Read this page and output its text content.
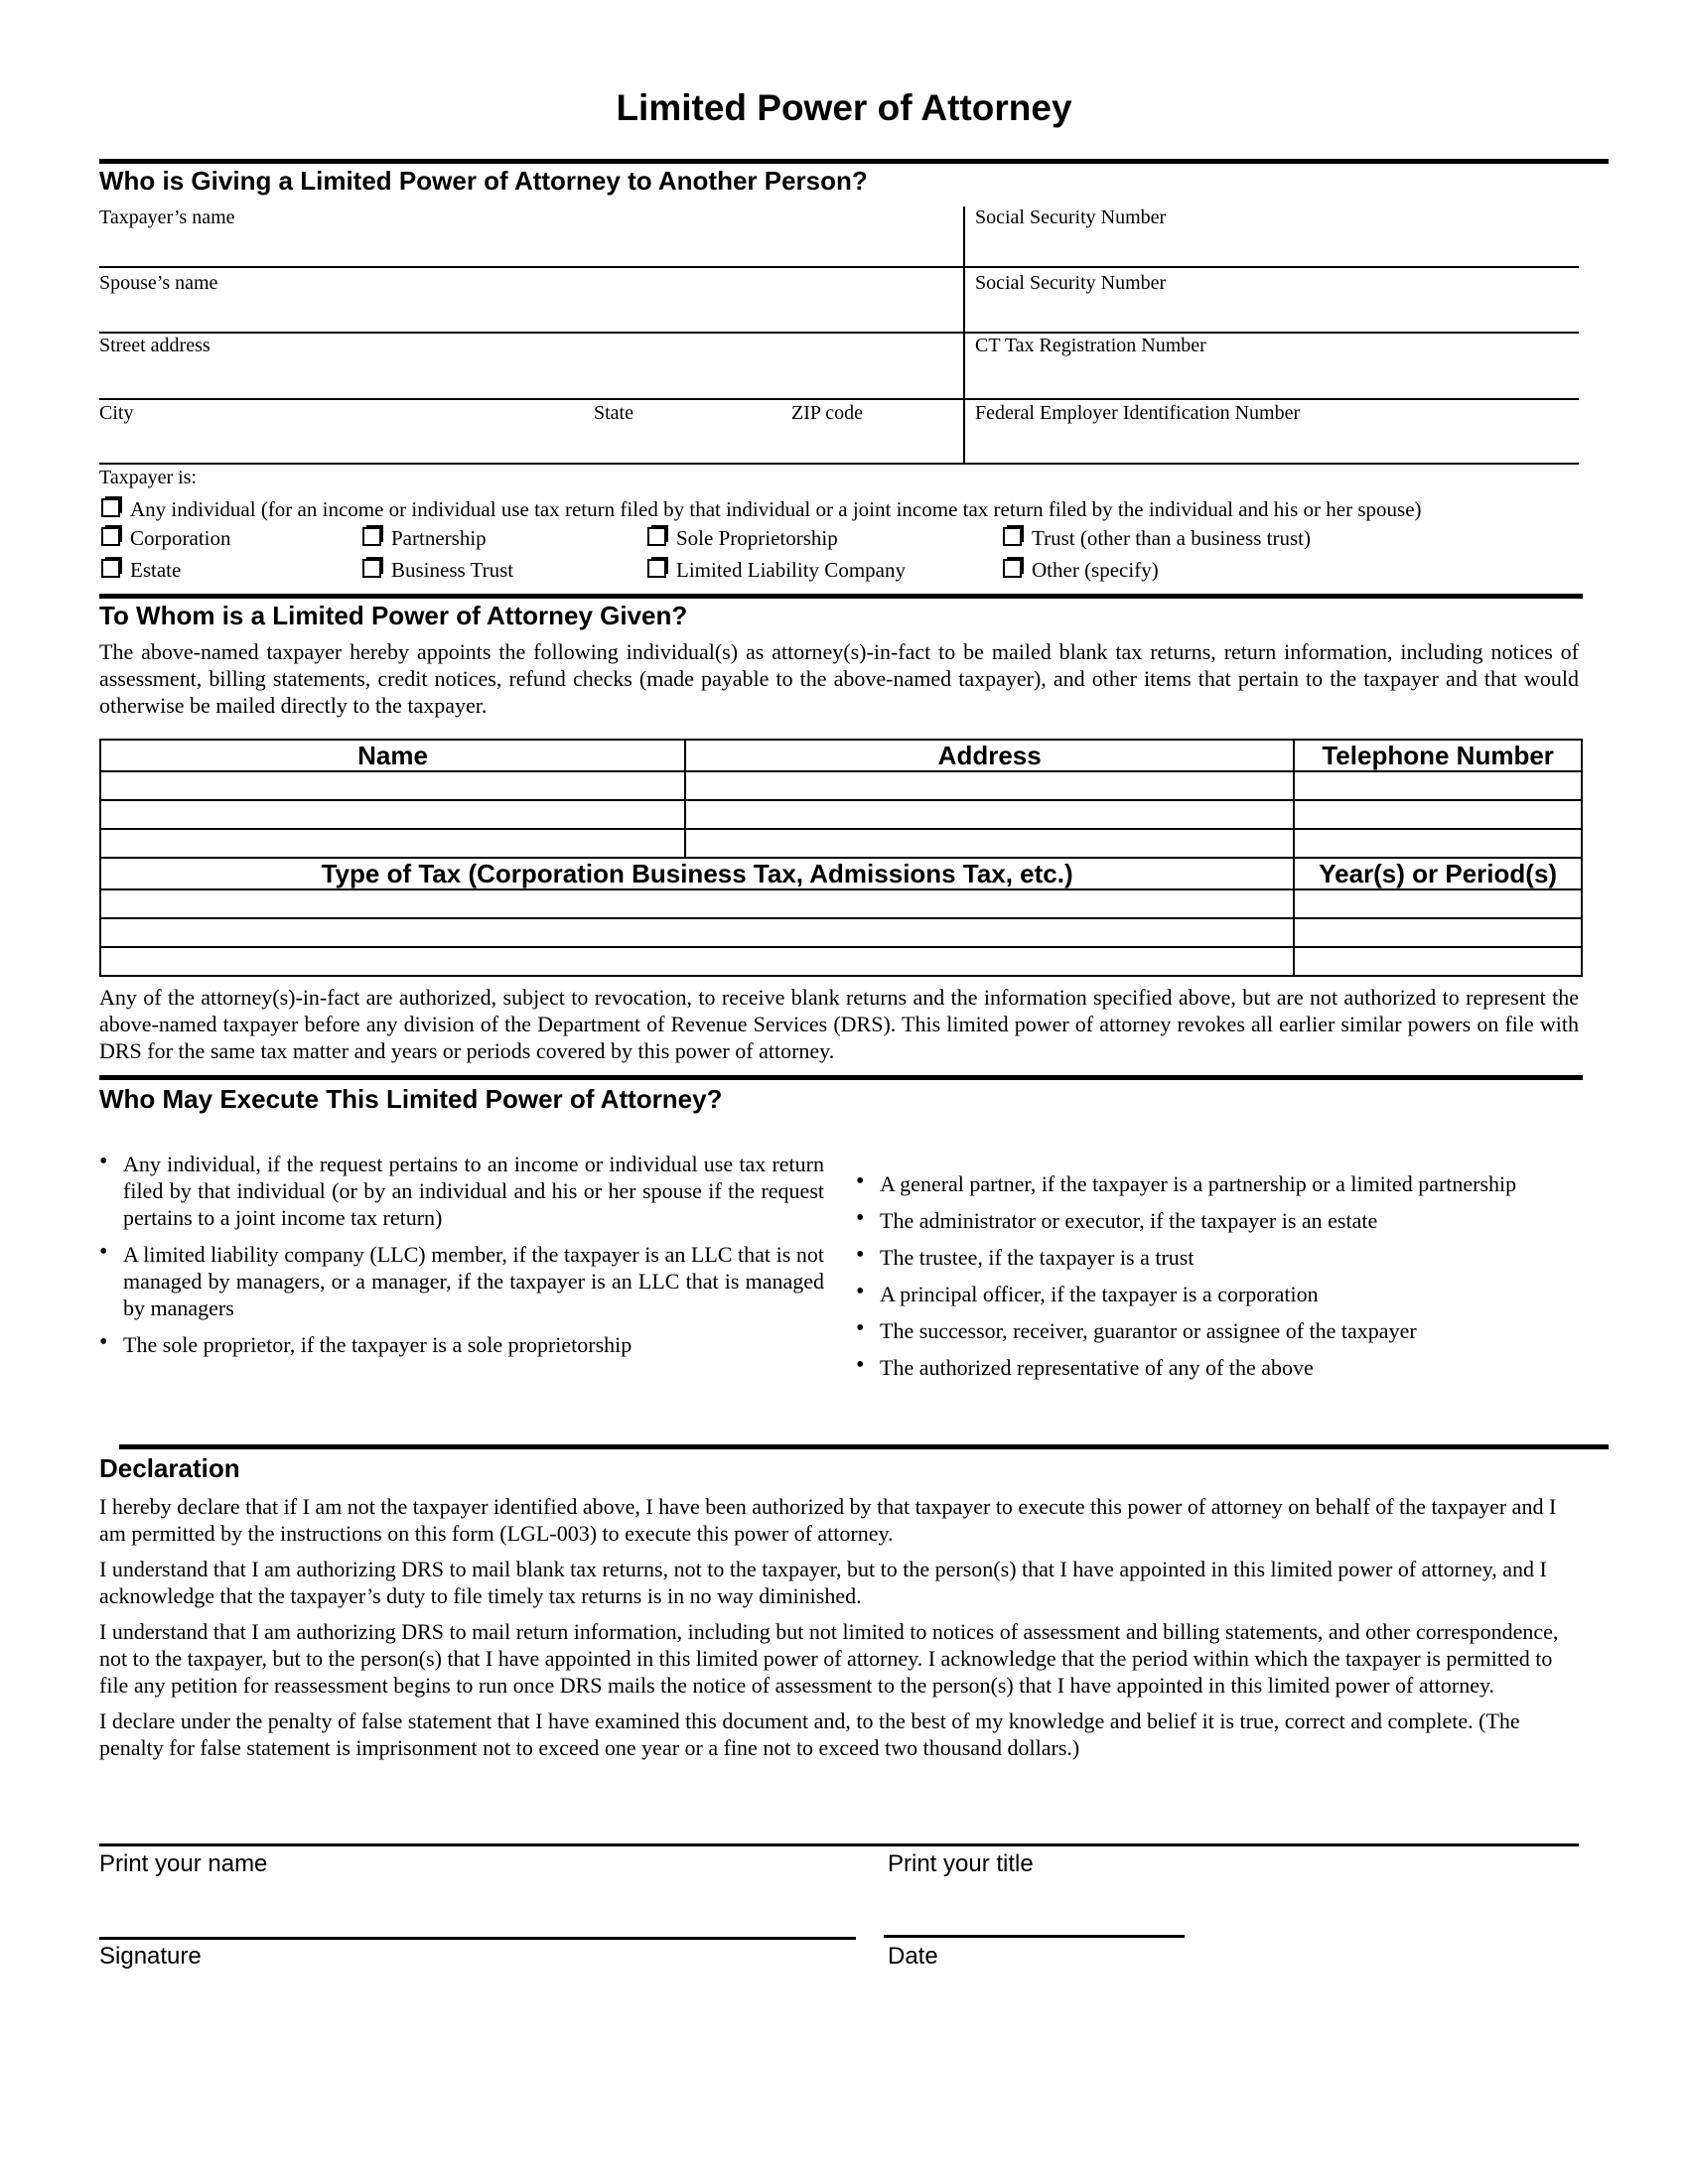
Limited Power of Attorney
Who is Giving a Limited Power of Attorney to Another Person?
Taxpayer’s name	Social Security Number
Spouse’s name	Social Security Number
Street address	CT Tax Registration Number
City	State	ZIP code	Federal Employer Identification Number
Taxpayer is:
Any individual (for an income or individual use tax return filed by that individual or a joint income tax return filed by the individual and his or her spouse)
Corporation	Partnership	Sole Proprietorship	Trust (other than a business trust)
Estate	Business Trust	Limited Liability Company	Other (specify)
To Whom is a Limited Power of Attorney Given?
The above-named taxpayer hereby appoints the following individual(s) as attorney(s)-in-fact to be mailed blank tax returns, return information, including notices of assessment, billing statements, credit notices, refund checks (made payable to the above-named taxpayer), and other items that pertain to the taxpayer and that would otherwise be mailed directly to the taxpayer.
Name	Address	Telephone Number

Type of Tax (Corporation Business Tax, Admissions Tax, etc.)		Year(s) or Period(s)

Any of the attorney(s)-in-fact are authorized, subject to revocation, to receive blank returns and the information specified above, but are not authorized to represent the above-named taxpayer before any division of the Department of Revenue Services (DRS). This limited power of attorney revokes all earlier similar powers on file with DRS for the same tax matter and years or periods covered by this power of attorney.
Who May Execute This Limited Power of Attorney?
• Any individual, if the request pertains to an income or individual use tax return filed by that individual (or by an individual and his or her spouse if the request pertains to a joint income tax return)
• A limited liability company (LLC) member, if the taxpayer is an LLC that is not managed by managers, or a manager, if the taxpayer is an LLC that is managed by managers
• The sole proprietor, if the taxpayer is a sole proprietorship
• A general partner, if the taxpayer is a partnership or a limited partnership
• The administrator or executor, if the taxpayer is an estate
• The trustee, if the taxpayer is a trust
• A principal officer, if the taxpayer is a corporation
• The successor, receiver, guarantor or assignee of the taxpayer
• The authorized representative of any of the above
Declaration
I hereby declare that if I am not the taxpayer identified above, I have been authorized by that taxpayer to execute this power of attorney on behalf of the taxpayer and I am permitted by the instructions on this form (LGL-003) to execute this power of attorney.
I understand that I am authorizing DRS to mail blank tax returns, not to the taxpayer, but to the person(s) that I have appointed in this limited power of attorney, and I acknowledge that the taxpayer’s duty to file timely tax returns is in no way diminished.
I understand that I am authorizing DRS to mail return information, including but not limited to notices of assessment and billing statements, and other correspondence, not to the taxpayer, but to the person(s) that I have appointed in this limited power of attorney. I acknowledge that the period within which the taxpayer is permitted to file any petition for reassessment begins to run once DRS mails the notice of assessment to the person(s) that I have appointed in this limited power of attorney.
I declare under the penalty of false statement that I have examined this document and, to the best of my knowledge and belief it is true, correct and complete. (The penalty for false statement is imprisonment not to exceed one year or a fine not to exceed two thousand dollars.)
Print your name	Print your title
Signature	Date
